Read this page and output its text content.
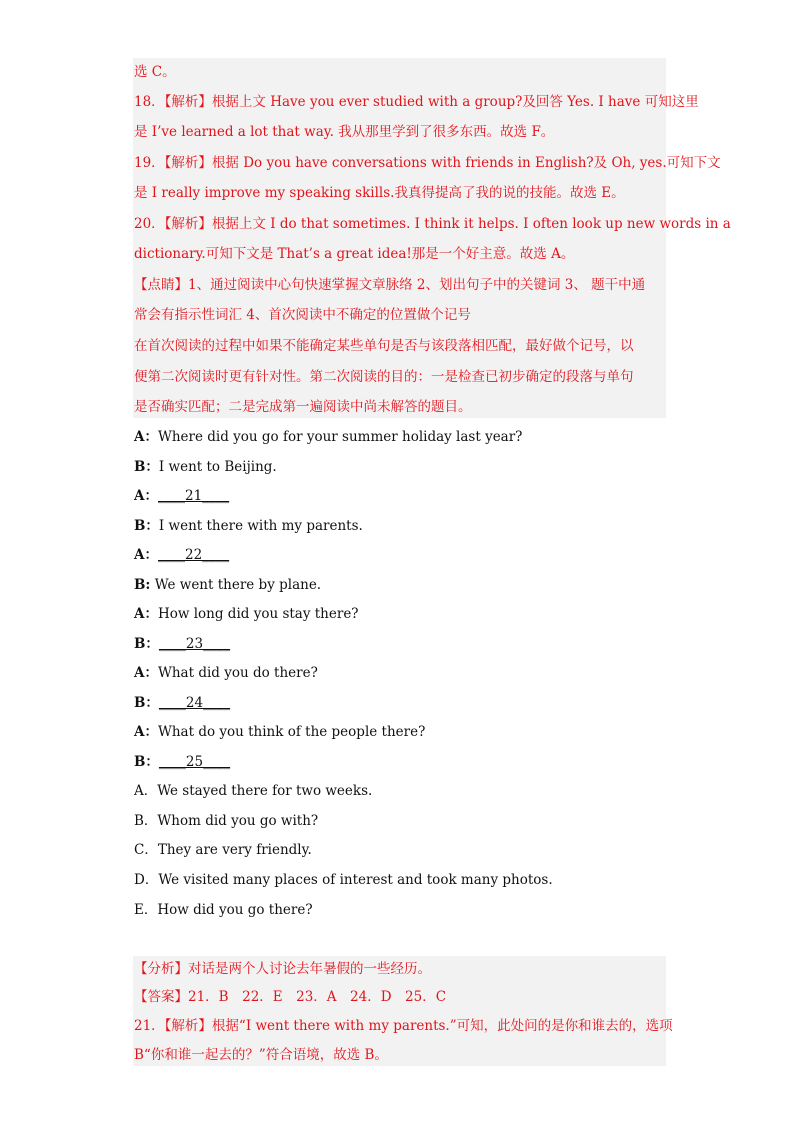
选 C。
18．【解析】根据上文 Have you ever studied with a group?及回答 Yes. I have 可知这里
是 I’ve learned a lot that way. 我从那里学到了很多东西。故选 F。
19．【解析】根据 Do you have conversations with friends in English?及 Oh, yes.可知下文
是 I really improve my speaking skills.我真得提高了我的说的技能。故选 E。
20．【解析】根据上文 I do that sometimes. I think it helps. I often look up new words in a
dictionary.可知下文是 That’s a great idea!那是一个好主意。故选 A。
【点睛】1、通过阅读中心句快速掌握文章脉络 2、划出句子中的关键词 3、 题干中通
常会有指示性词汇 4、首次阅读中不确定的位置做个记号
在首次阅读的过程中如果不能确定某些单句是否与该段落相匹配，最好做个记号，以
便第二次阅读时更有针对性。第二次阅读的目的：一是检查已初步确定的段落与单句
是否确实匹配；二是完成第一遍阅读中尚未解答的题目。
A：Where did you go for your summer holiday last year?
B：I went to Beijing.
A：____21____
B：I went there with my parents.
A：____22____
B: We went there by plane.
A：How long did you stay there?
B：____23____
A：What did you do there?
B：____24____
A：What do you think of the people there?
B：____25____
A．We stayed there for two weeks.
B．Whom did you go with?
C．They are very friendly.
D．We visited many places of interest and took many photos.
E．How did you go there?
【分析】对话是两个人讨论去年暑假的一些经历。
【答案】21．B　22．E　23．A　24．D　25．C
21．【解析】根据“I went there with my parents.”可知，此处问的是你和谁去的，选项
B“你和谁一起去的？”符合语境，故选 B。
